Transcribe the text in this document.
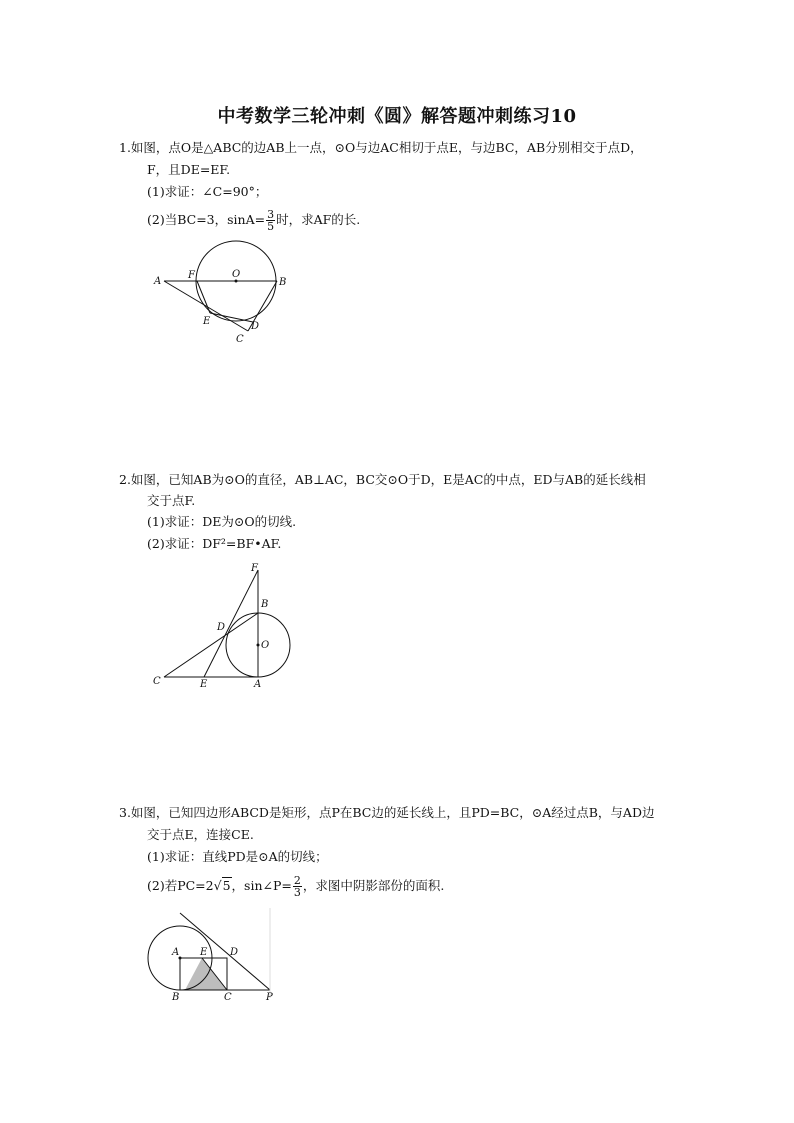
中考数学三轮冲刺《圆》解答题冲刺练习10
1.如图，点O是△ABC的边AB上一点，⊙O与边AC相切于点E，与边BC，AB分别相交于点D，
F，且DE=EF.
(1)求证：∠C=90°；
(2)当BC=3，$\sin A= \frac{3}{5}$ 时，求AF的长.
A
F	O
B
E	D
C
2.如图，已知AB为⊙O的直径，AB⊥AC，BC交⊙O于D，E是AC的中点，ED与AB的延长线相
交于点F.
(1)求证：DE为⊙O的切线.
(2)求证：DF²=BF•AF.
F
B
D
O
C	E	A
3.如图，已知四边形ABCD是矩形，点P在BC边的延长线上，且PD=BC，⊙A经过点B，与AD边
交于点E，连接CE.
(1)求证：直线PD是⊙A的切线；
(2)若PC=2√5，sin∠P= $\frac{2}{3}$ ，求图中阴影部份的面积.
A E D
B	C	P
